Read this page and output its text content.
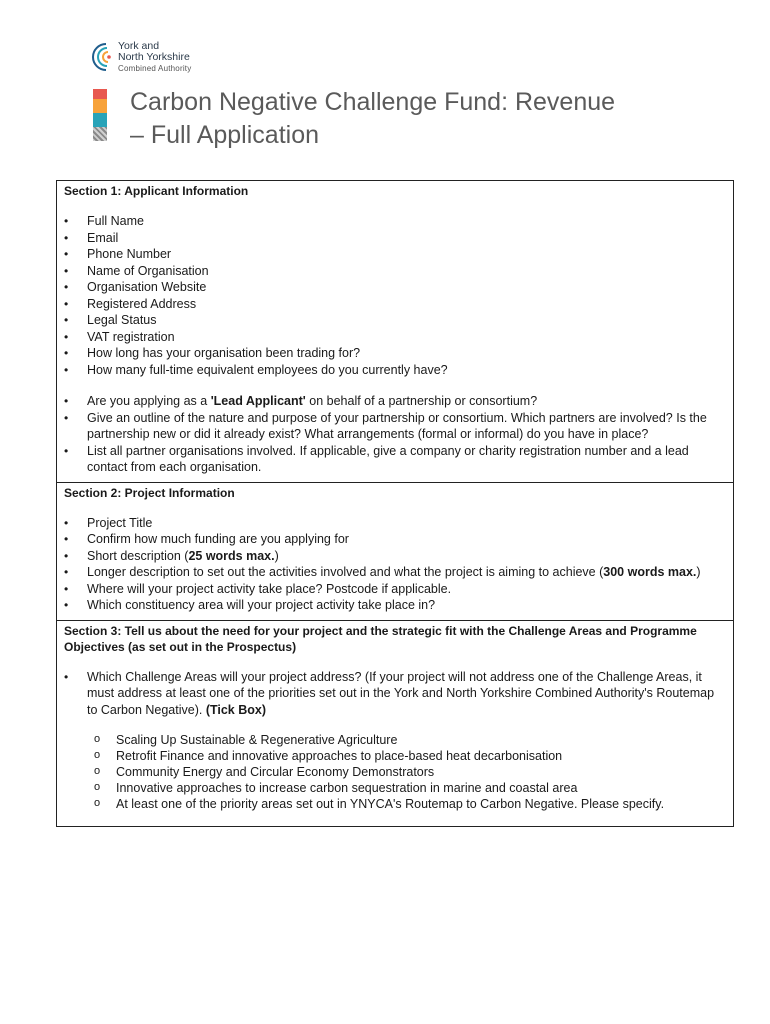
York and
North Yorkshire
Combined Authority
Carbon Negative Challenge Fund: Revenue
– Full Application
Section 1: Applicant Information
• Full Name
• Email
• Phone Number
• Name of Organisation
• Organisation Website
• Registered Address
• Legal Status
• VAT registration
• How long has your organisation been trading for?
• How many full-time equivalent employees do you currently have?
• Are you applying as a 'Lead Applicant' on behalf of a partnership or consortium?
• Give an outline of the nature and purpose of your partnership or consortium. Which partners are involved? Is the partnership new or did it already exist? What arrangements (formal or informal) do you have in place?
• List all partner organisations involved. If applicable, give a company or charity registration number and a lead contact from each organisation.
Section 2: Project Information
• Project Title
• Confirm how much funding are you applying for
• Short description (25 words max.)
• Longer description to set out the activities involved and what the project is aiming to achieve (300 words max.)
• Where will your project activity take place? Postcode if applicable.
• Which constituency area will your project activity take place in?
Section 3: Tell us about the need for your project and the strategic fit with the Challenge Areas and Programme Objectives (as set out in the Prospectus)
• Which Challenge Areas will your project address? (If your project will not address one of the Challenge Areas, it must address at least one of the priorities set out in the York and North Yorkshire Combined Authority's Routemap to Carbon Negative). (Tick Box)
o Scaling Up Sustainable & Regenerative Agriculture
o Retrofit Finance and innovative approaches to place-based heat decarbonisation
o Community Energy and Circular Economy Demonstrators
o Innovative approaches to increase carbon sequestration in marine and coastal area
o At least one of the priority areas set out in YNYCA's Routemap to Carbon Negative. Please specify.
